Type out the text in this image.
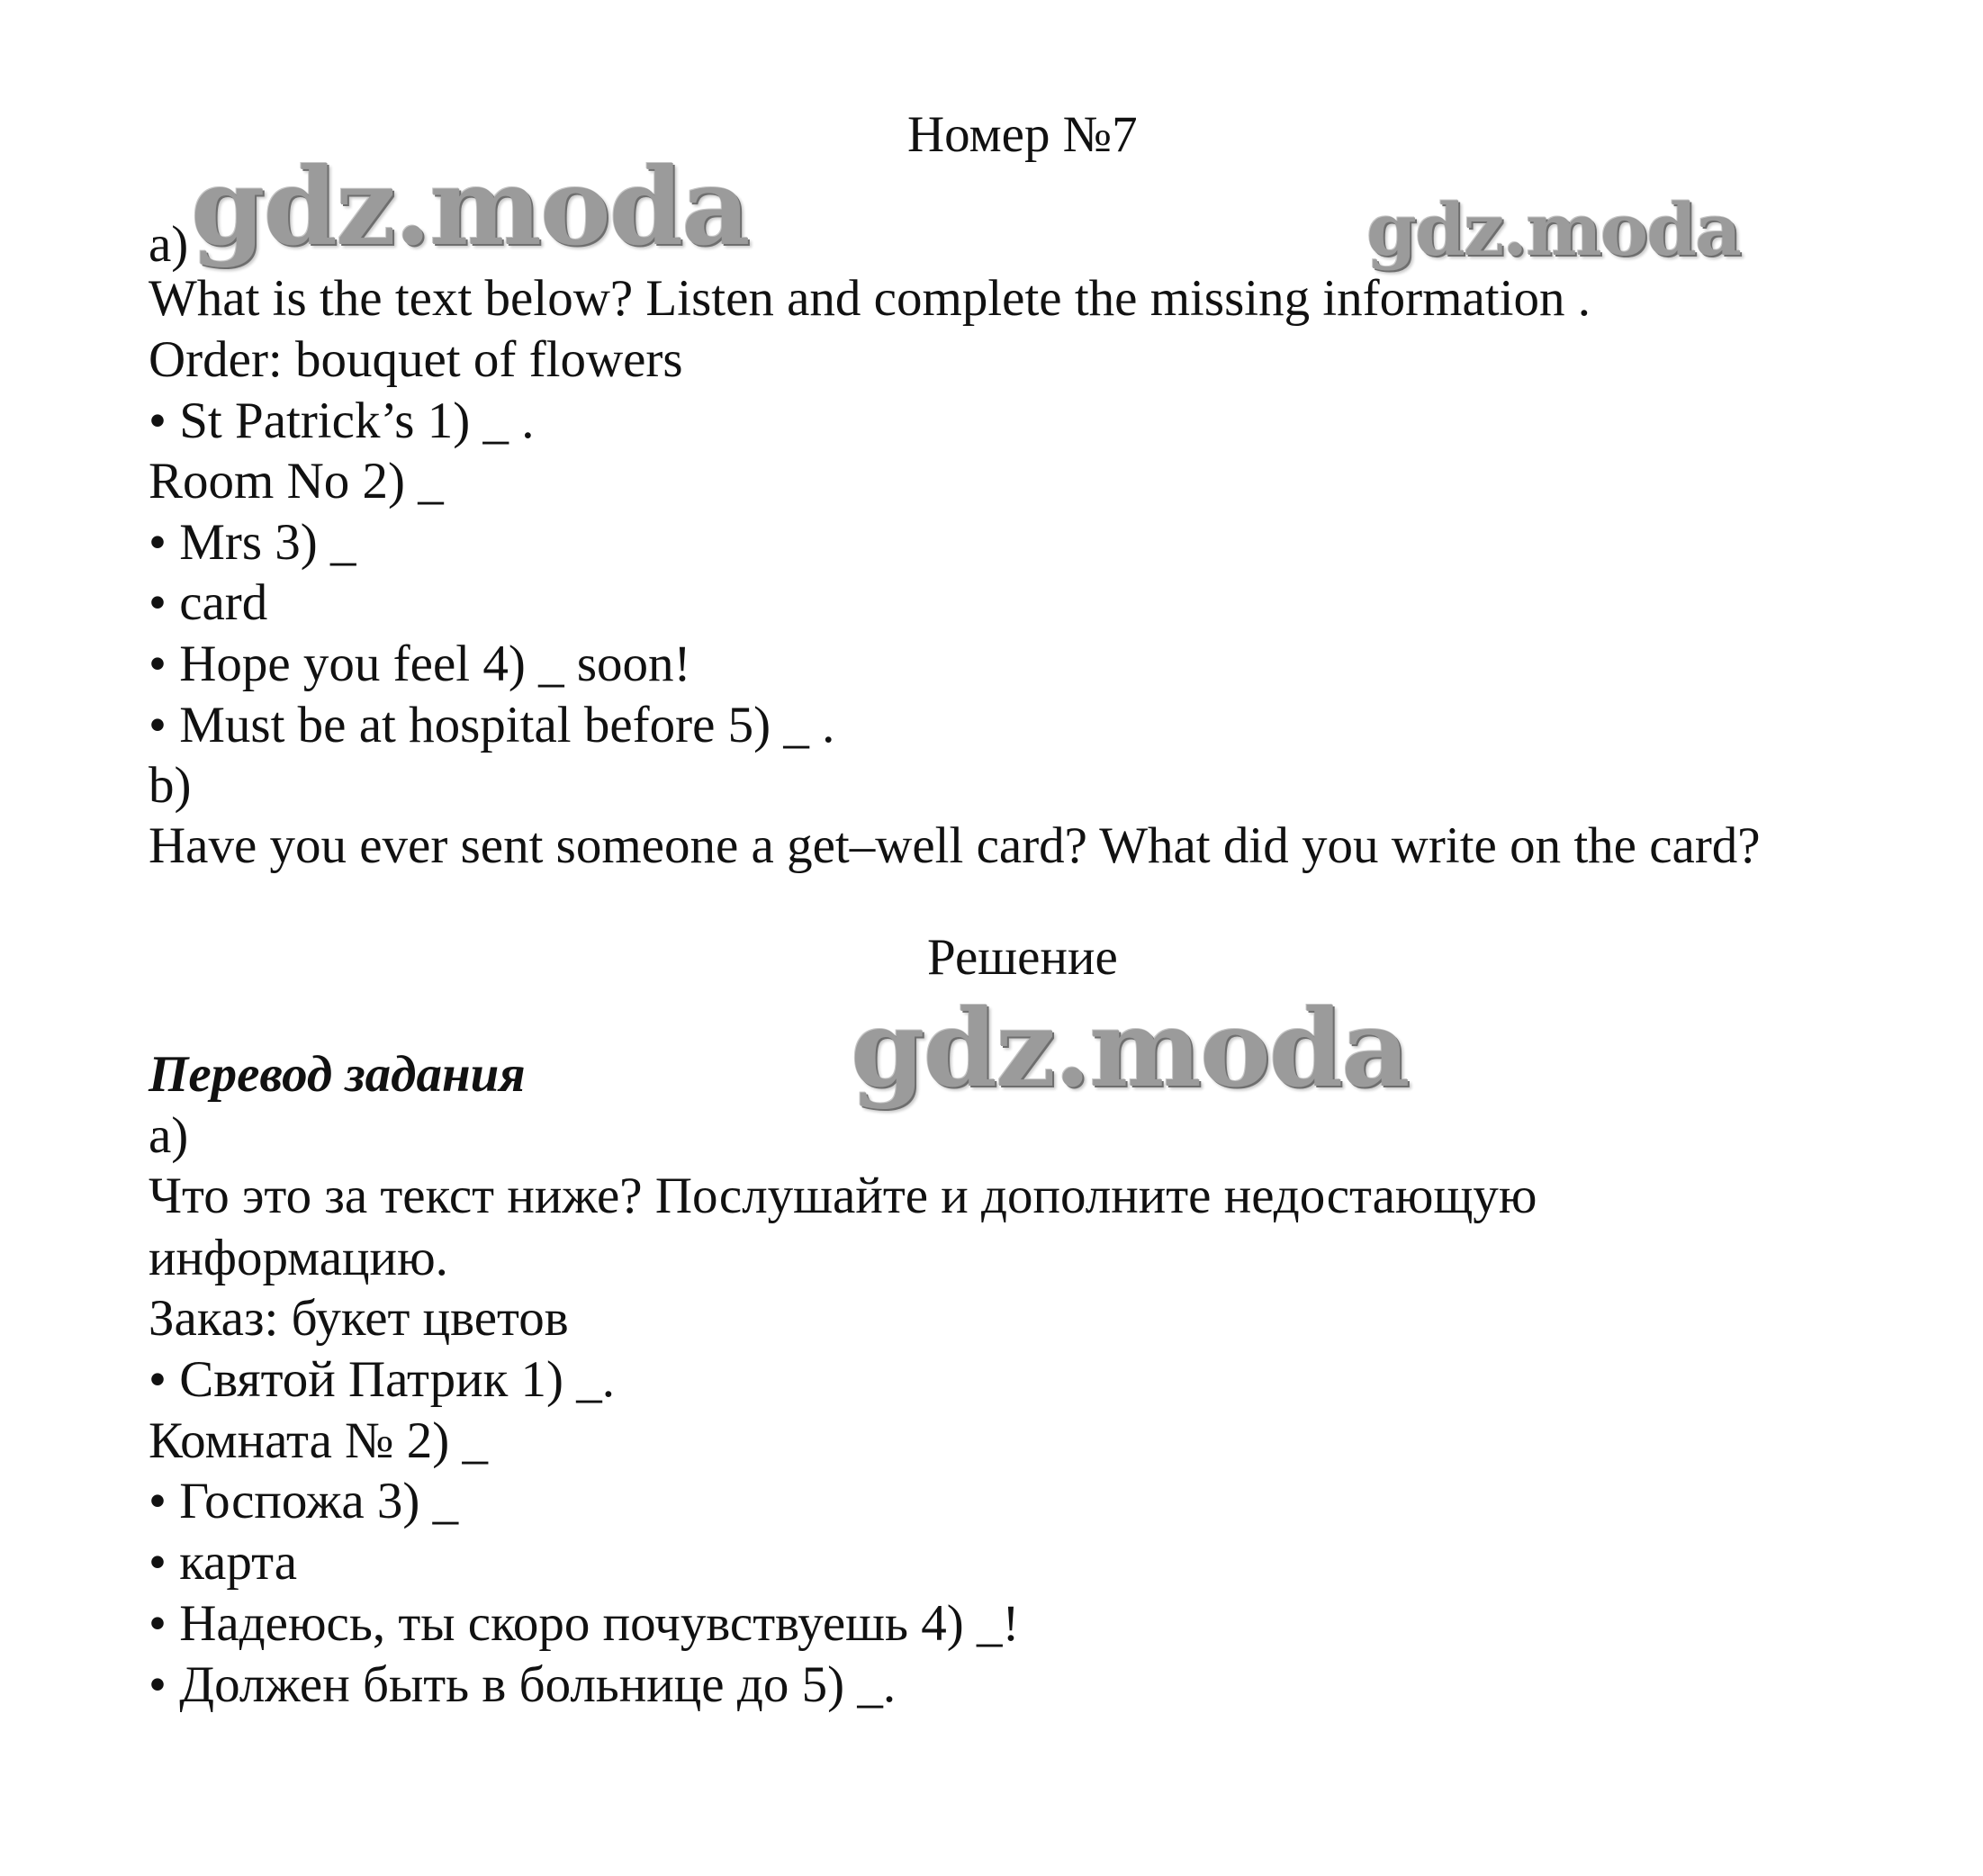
Номер №7
gdz.moda	gdz.moda
gdz.moda
a)
What is the text below? Listen and complete the missing information .
Order: bouquet of flowers
• St Patrick’s 1) _ .
Room No 2) _
• Mrs 3) _
• card
• Hope you feel 4) _ soon!
• Must be at hospital before 5) _ .
b)
Have you ever sent someone a get–well card? What did you write on the card?
Решение
Перевод задания
а)
Что это за текст ниже? Послушайте и дополните недостающую
информацию.
Заказ: букет цветов
• Святой Патрик 1) _.
Комната № 2) _
• Госпожа 3) _
• карта
• Надеюсь, ты скоро почувствуешь 4) _!
• Должен быть в больнице до 5) _.
